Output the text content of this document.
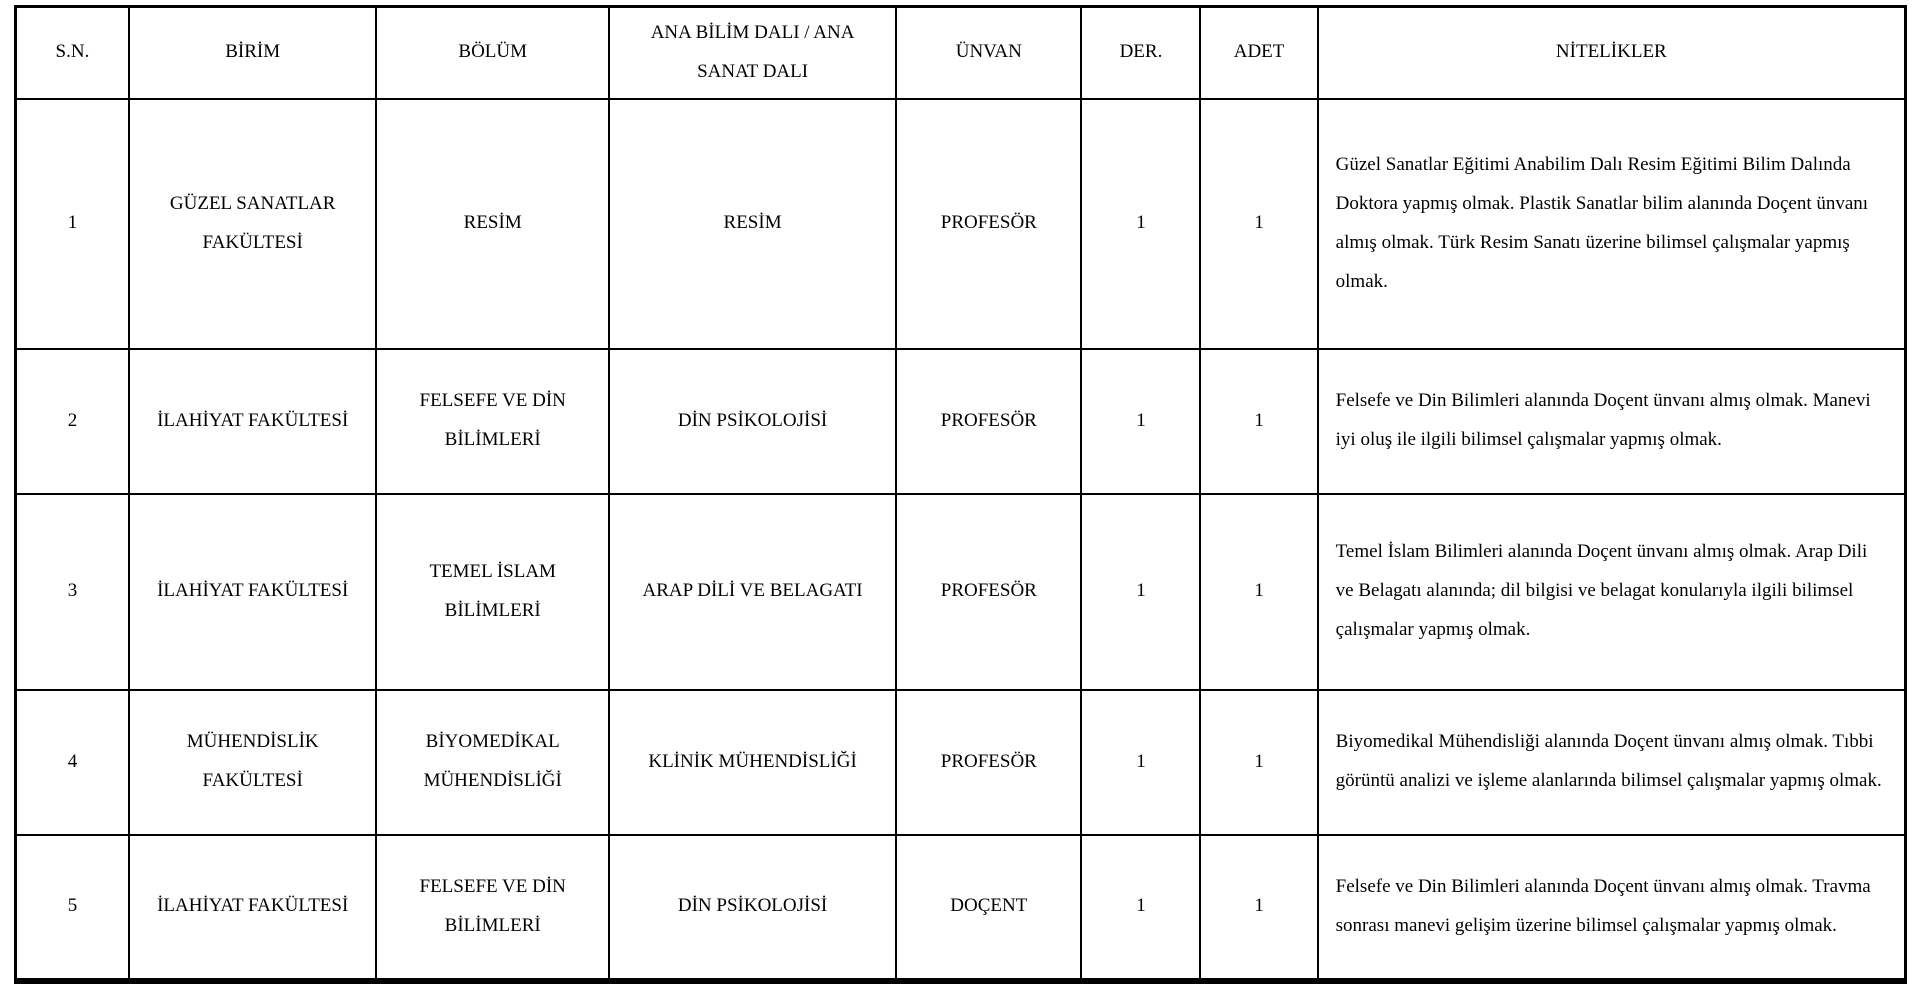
S.N.	BİRİM	BÖLÜM	ANA BİLİM DALI / ANA SANAT DALI	ÜNVAN	DER.	ADET	NİTELİKLER
1	GÜZEL SANATLAR FAKÜLTESİ	RESİM	RESİM	PROFESÖR	1	1	Güzel Sanatlar Eğitimi Anabilim Dalı Resim Eğitimi Bilim Dalında Doktora yapmış olmak. Plastik Sanatlar bilim alanında Doçent ünvanı almış olmak. Türk Resim Sanatı üzerine bilimsel çalışmalar yapmış olmak.
2	İLAHİYAT FAKÜLTESİ	FELSEFE VE DİN BİLİMLERİ	DİN PSİKOLOJİSİ	PROFESÖR	1	1	Felsefe ve Din Bilimleri alanında Doçent ünvanı almış olmak. Manevi iyi oluş ile ilgili bilimsel çalışmalar yapmış olmak.
3	İLAHİYAT FAKÜLTESİ	TEMEL İSLAM BİLİMLERİ	ARAP DİLİ VE BELAGATI	PROFESÖR	1	1	Temel İslam Bilimleri alanında Doçent ünvanı almış olmak. Arap Dili ve Belagatı alanında; dil bilgisi ve belagat konularıyla ilgili bilimsel çalışmalar yapmış olmak.
4	MÜHENDİSLİK FAKÜLTESİ	BİYOMEDİKAL MÜHENDİSLİĞİ	KLİNİK MÜHENDİSLİĞİ	PROFESÖR	1	1	Biyomedikal Mühendisliği alanında Doçent ünvanı almış olmak. Tıbbi görüntü analizi ve işleme alanlarında bilimsel çalışmalar yapmış olmak.
5	İLAHİYAT FAKÜLTESİ	FELSEFE VE DİN BİLİMLERİ	DİN PSİKOLOJİSİ	DOÇENT	1	1	Felsefe ve Din Bilimleri alanında Doçent ünvanı almış olmak. Travma sonrası manevi gelişim üzerine bilimsel çalışmalar yapmış olmak.
